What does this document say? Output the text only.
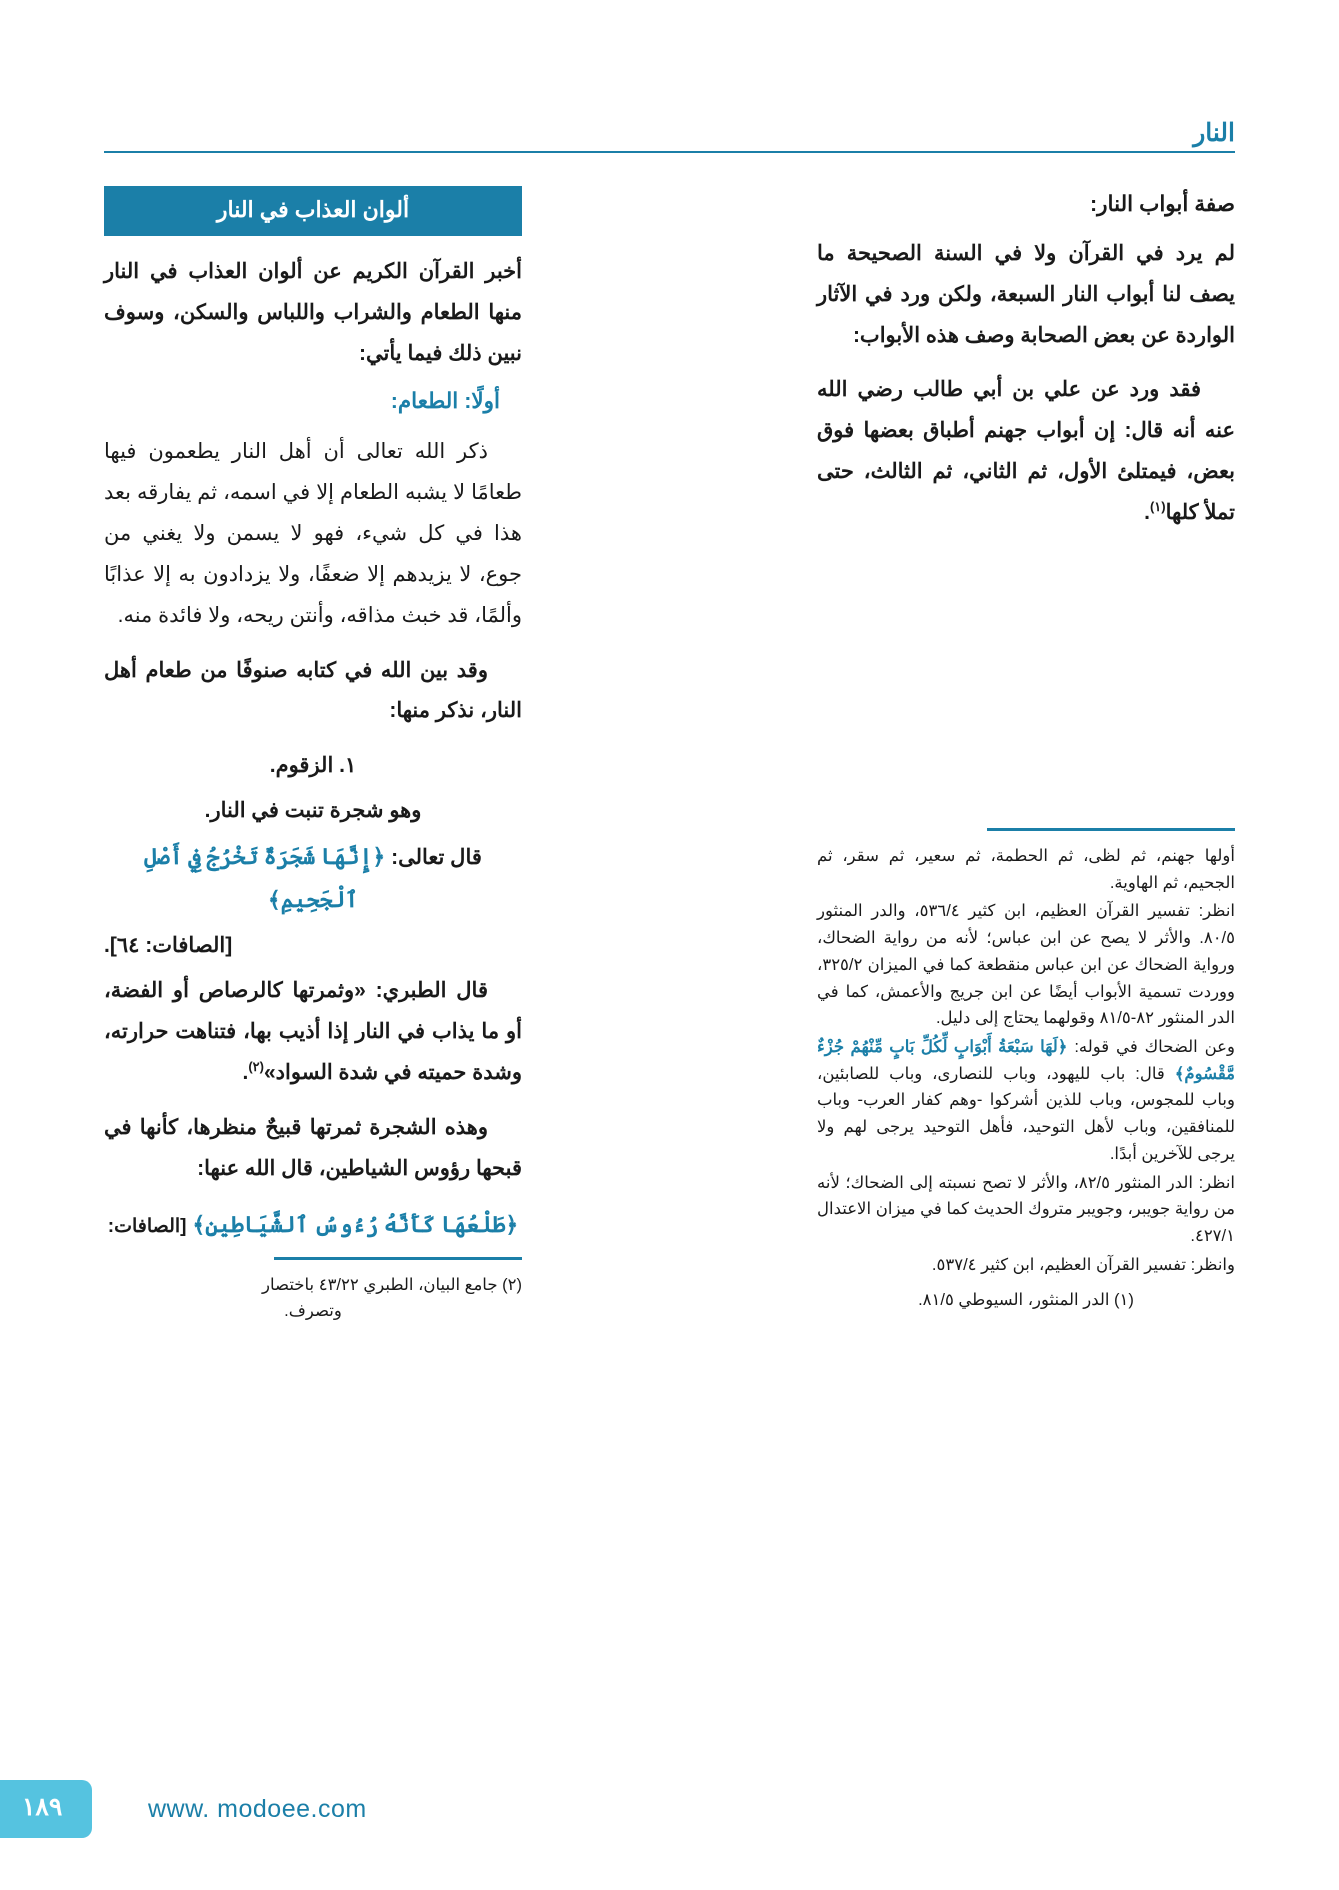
النار
صفة أبواب النار:

لم يرد في القرآن ولا في السنة الصحيحة ما يصف لنا أبواب النار السبعة، ولكن ورد في الآثار الواردة عن بعض الصحابة وصف هذه الأبواب:

فقد ورد عن علي بن أبي طالب رضي الله عنه أنه قال: إن أبواب جهنم أطباق بعضها فوق بعض، فيمتلئ الأول، ثم الثاني، ثم الثالث، حتى تملأ كلها$^{(١)}$.

أولها جهنم، ثم لظى، ثم الحطمة، ثم سعير، ثم سقر، ثم الجحيم، ثم الهاوية.

انظر: تفسير القرآن العظيم، ابن كثير ٥٣٦/٤، والدر المنثور ٨٠/٥. والأثر لا يصح عن ابن عباس؛ لأنه من رواية الضحاك، ورواية الضحاك عن ابن عباس منقطعة كما في الميزان ٣٢٥/٢، ووردت تسمية الأبواب أيضًا عن ابن جريج والأعمش، كما في الدر المنثور ٨٢-٨١/٥ وقولهما يحتاج إلى دليل.

وعن الضحاك في قوله: ﴿لَهَا سَبْعَةُ أَبْوَابٍ لِّكُلِّ بَابٍ مِّنْهُمْ جُزْءٌ مَّقْسُومٌ﴾ قال: باب لليهود، وباب للنصارى، وباب للصابئين، وباب للمجوس، وباب للذين أشركوا -وهم كفار العرب- وباب للمنافقين، وباب لأهل التوحيد، فأهل التوحيد يرجى لهم ولا يرجى للآخرين أبدًا.

انظر: الدر المنثور ٨٢/٥، والأثر لا تصح نسبته إلى الضحاك؛ لأنه من رواية جويبر، وجويبر متروك الحديث كما في ميزان الاعتدال ٤٢٧/١.

وانظر: تفسير القرآن العظيم، ابن كثير ٥٣٧/٤.

(١) الدر المنثور، السيوطي ٨١/٥.

ألوان العذاب في النار

أخبر القرآن الكريم عن ألوان العذاب في النار منها الطعام والشراب واللباس والسكن، وسوف نبين ذلك فيما يأتي:

أولًا: الطعام:

ذكر الله تعالى أن أهل النار يطعمون فيها طعامًا لا يشبه الطعام إلا في اسمه، ثم يفارقه بعد هذا في كل شيء، فهو لا يسمن ولا يغني من جوع، لا يزيدهم إلا ضعفًا، ولا يزدادون به إلا عذابًا وألمًا، قد خبث مذاقه، وأنتن ريحه، ولا فائدة منه.

وقد بين الله في كتابه صنوفًا من طعام أهل النار، نذكر منها:

١. الزقوم.

وهو شجرة تنبت في النار.

قال تعالى: ﴿إِنَّهَا شَجَرَةٌ تَخْرُجُ فِي أَصْلِ ٱلْجَحِيمِ﴾

[الصافات: ٦٤].

قال الطبري: «وثمرتها كالرصاص أو الفضة، أو ما يذاب في النار إذا أذيب بها، فتناهت حرارته، وشدة حميته في شدة السواد»$^{(٢)}$.

وهذه الشجرة ثمرتها قبيحٌ منظرها، كأنها في قبحها رؤوس الشياطين، قال الله عنها:

﴿طَلْعُهَا كَأَنَّهُ رُءُوسُ ٱلشَّيَاطِينِ﴾ [الصافات:

(٢) جامع البيان، الطبري ٤٣/٢٢ باختصار
وتصرف.

١٨٩	www. modoee.com
